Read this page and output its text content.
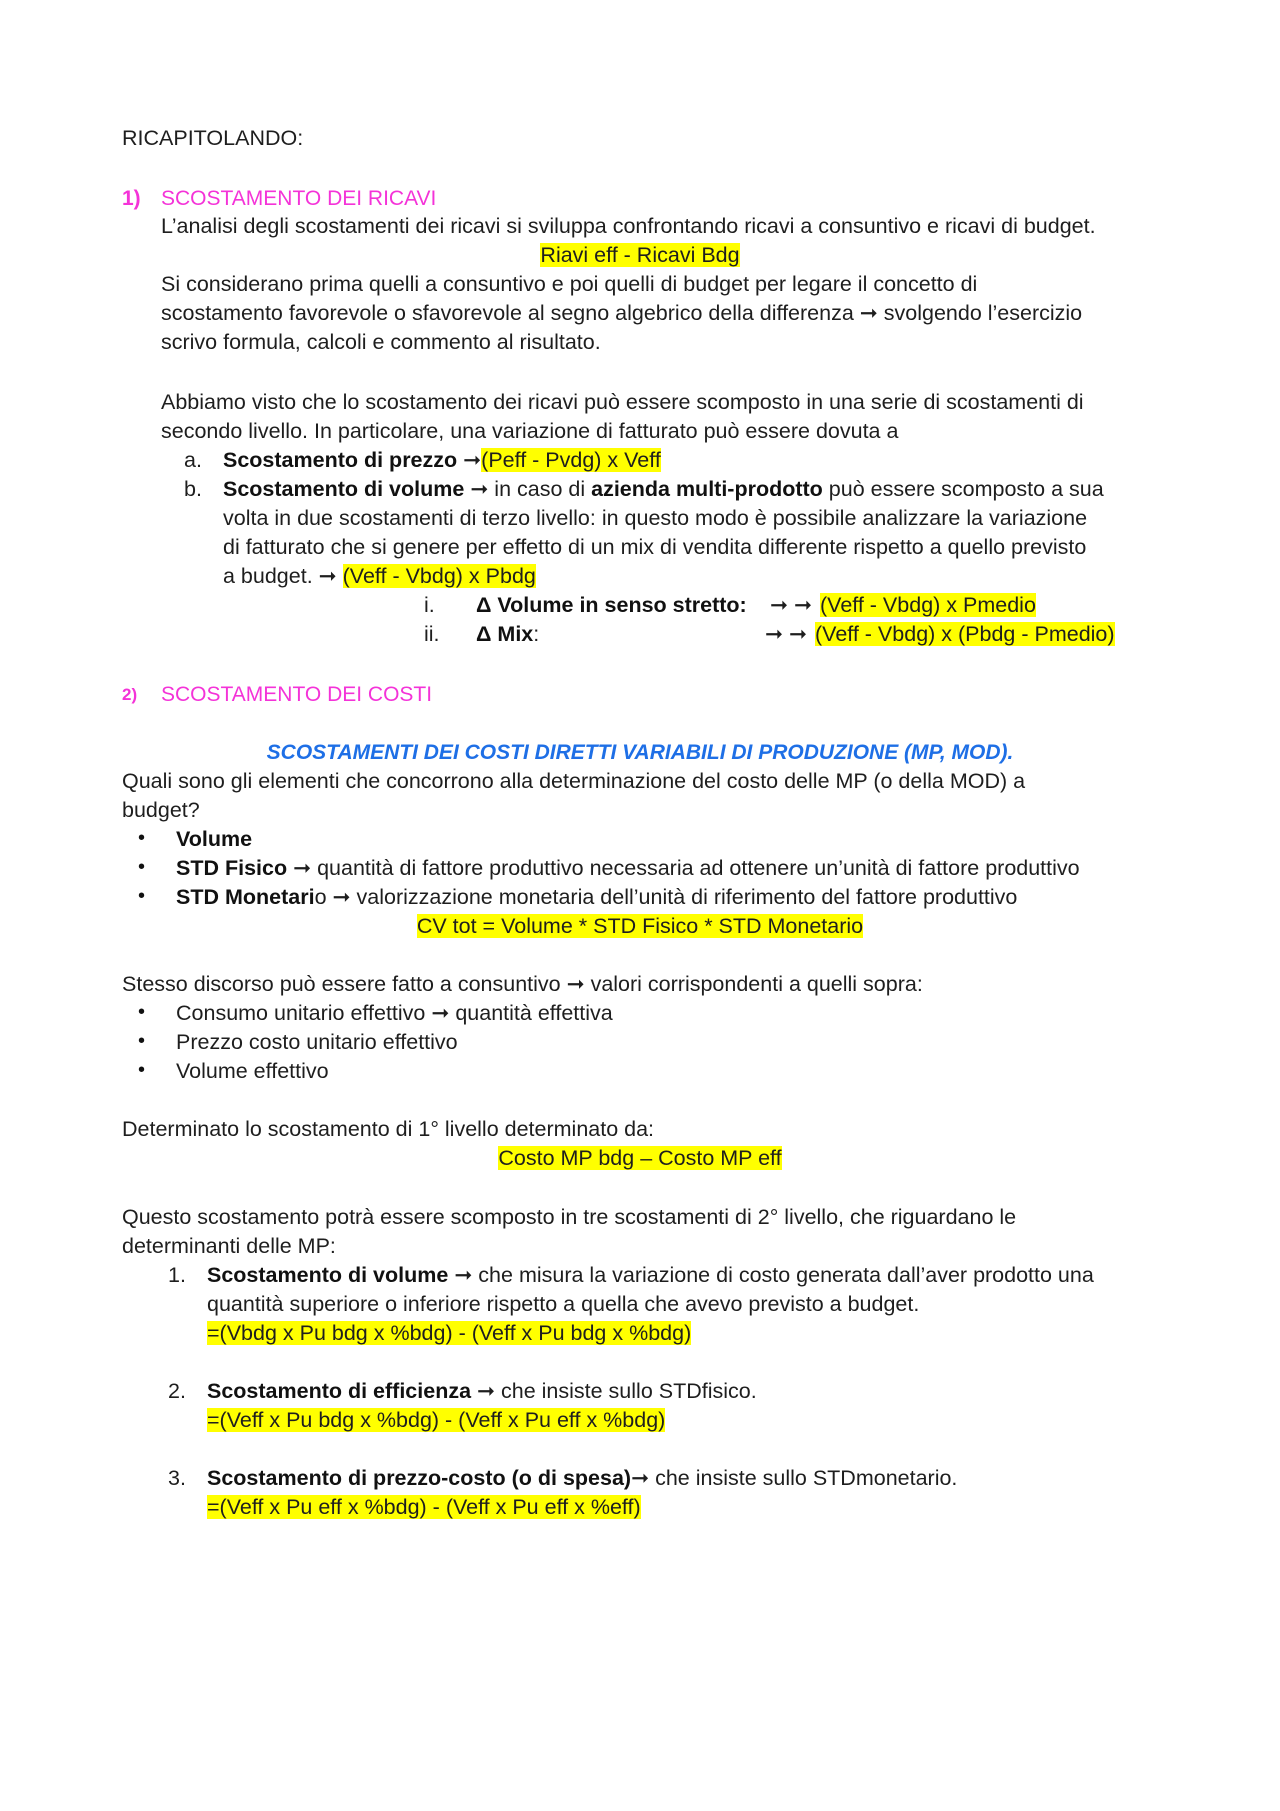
RICAPITOLANDO:
1) SCOSTAMENTO DEI RICAVI
L’analisi degli scostamenti dei ricavi si sviluppa confrontando ricavi a consuntivo e ricavi di budget.
Riavi eff - Ricavi Bdg
Si considerano prima quelli a consuntivo e poi quelli di budget per legare il concetto di
scostamento favorevole o sfavorevole al segno algebrico della differenza ➞ svolgendo l’esercizio
scrivo formula, calcoli e commento al risultato.
Abbiamo visto che lo scostamento dei ricavi può essere scomposto in una serie di scostamenti di
secondo livello. In particolare, una variazione di fatturato può essere dovuta a
a. Scostamento di prezzo ➞(Peff - Pvdg) x Veff
b. Scostamento di volume ➞ in caso di azienda multi-prodotto può essere scomposto a sua
volta in due scostamenti di terzo livello: in questo modo è possibile analizzare la variazione
di fatturato che si genere per effetto di un mix di vendita differente rispetto a quello previsto
a budget. ➞ (Veff - Vbdg) x Pbdg
i. Δ Volume in senso stretto: ➞ ➞ (Veff - Vbdg) x Pmedio
ii. Δ Mix:	➞ ➞ (Veff - Vbdg) x (Pbdg - Pmedio)
2) SCOSTAMENTO DEI COSTI
SCOSTAMENTI DEI COSTI DIRETTI VARIABILI DI PRODUZIONE (MP, MOD).
Quali sono gli elementi che concorrono alla determinazione del costo delle MP (o della MOD) a
budget?
• Volume
• STD Fisico ➞ quantità di fattore produttivo necessaria ad ottenere un’unità di fattore produttivo
• STD Monetario ➞ valorizzazione monetaria dell’unità di riferimento del fattore produttivo
CV tot = Volume * STD Fisico * STD Monetario
Stesso discorso può essere fatto a consuntivo ➞ valori corrispondenti a quelli sopra:
• Consumo unitario effettivo ➞ quantità effettiva
• Prezzo costo unitario effettivo
• Volume effettivo
Determinato lo scostamento di 1° livello determinato da:
Costo MP bdg – Costo MP eff
Questo scostamento potrà essere scomposto in tre scostamenti di 2° livello, che riguardano le
determinanti delle MP:
1. Scostamento di volume ➞ che misura la variazione di costo generata dall’aver prodotto una
quantità superiore o inferiore rispetto a quella che avevo previsto a budget.
=(Vbdg x Pu bdg x %bdg) - (Veff x Pu bdg x %bdg)
2. Scostamento di efficienza ➞ che insiste sullo STDfisico.
=(Veff x Pu bdg x %bdg) - (Veff x Pu eff x %bdg)
3. Scostamento di prezzo-costo (o di spesa)➞ che insiste sullo STDmonetario.
=(Veff x Pu eff x %bdg) - (Veff x Pu eff x %eff)
